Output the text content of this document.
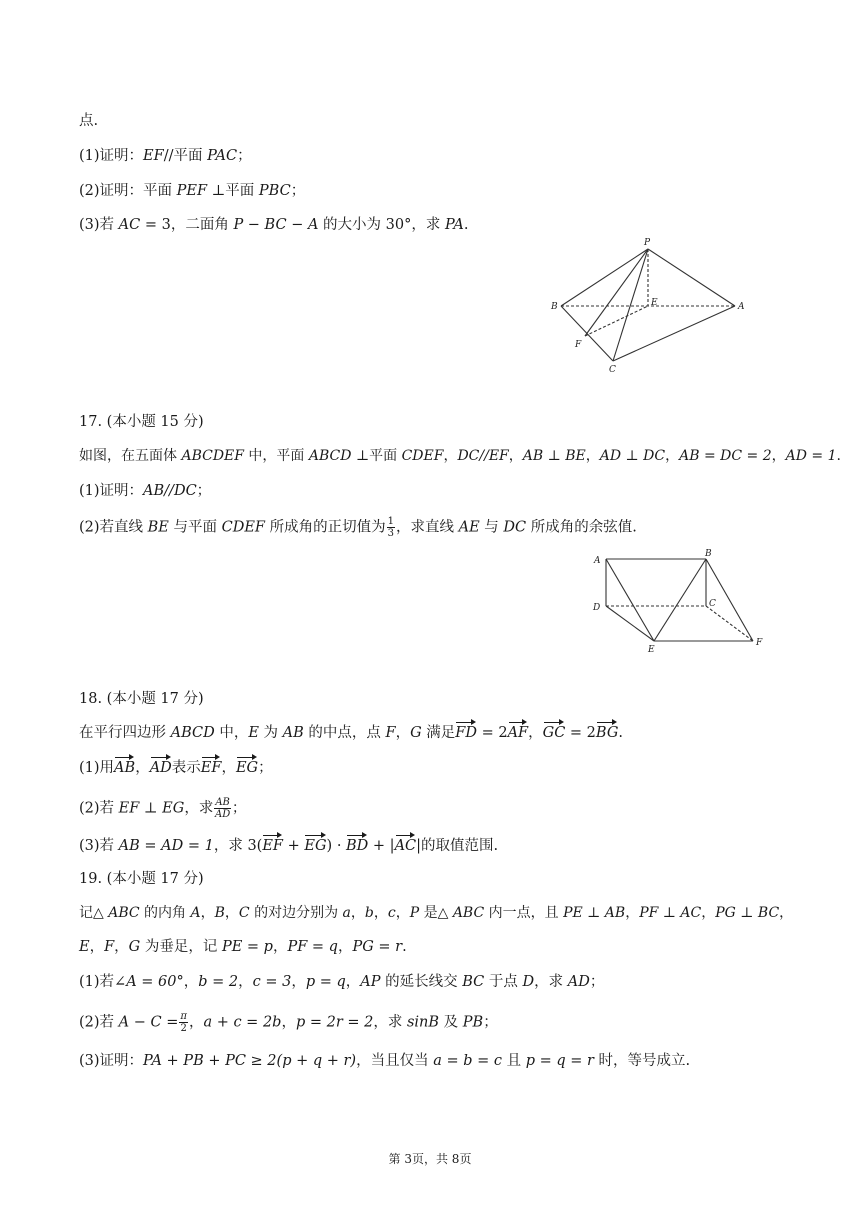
点.
(1)证明：EF//平面 PAC；
(2)证明：平面 PEF ⊥平面 PBC；
(3)若 AC = 3，二面角 P − BC − A 的大小为 30°，求 PA.
P
B	E	A
F
C
17. (本小题 15 分)
如图，在五面体 ABCDEF 中，平面 ABCD ⊥平面 CDEF，DC//EF，AB ⊥ BE，AD ⊥ DC，AB = DC = 2，AD = 1.
(1)证明：AB//DC；
(2)若直线 BE 与平面 CDEF 所成角的正切值为 $\frac{1}{3}$ ，求直线 AE 与 DC 所成角的余弦值.
A
B
D	C
E
F
18. (本小题 17 分)
在平行四边形 ABCD 中，E 为 AB 的中点，点 F，G 满足FD = 2AF，GC = 2BG.
(1)用AB，AD表示EF，EG；
(2)若 EF ⊥ EG，求 $\frac{AB}{AD}$ ；
(3)若 AB = AD = 1，求 3(EF + EG) · BD + |AC|的取值范围.
19. (本小题 17 分)
记△ ABC 的内角 A，B，C 的对边分别为 a，b，c，P 是△ ABC 内一点，且 PE ⊥ AB，PF ⊥ AC，PG ⊥ BC，
E，F，G 为垂足，记 PE = p，PF = q，PG = r.
(1)若∠A = 60°，b = 2，c = 3，p = q，AP 的延长线交 BC 于点 D，求 AD；
(2)若 $A - C = \frac{\pi}{2}$ ，a + c = 2b，p = 2r = 2，求 sinB 及 PB；
(3)证明：PA + PB + PC ≥ 2(p + q + r)，当且仅当 a = b = c 且 p = q = r 时，等号成立.
第 3页，共 8页
